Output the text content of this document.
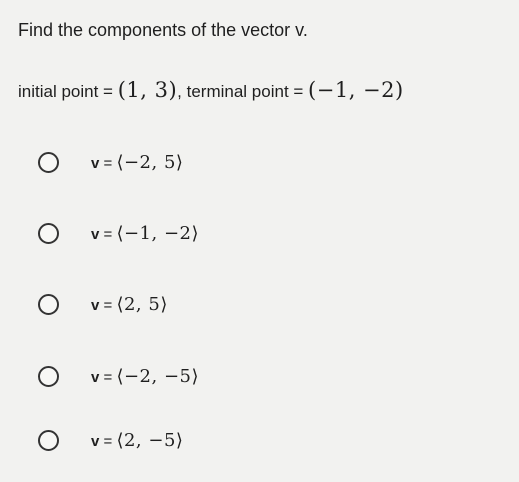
Find the components of the vector v.
initial point = (1, 3), terminal point = (−1, −2)
v = ⟨−2, 5⟩
v = ⟨−1, −2⟩
v = ⟨2, 5⟩
v = ⟨−2, −5⟩
v = ⟨2, −5⟩
